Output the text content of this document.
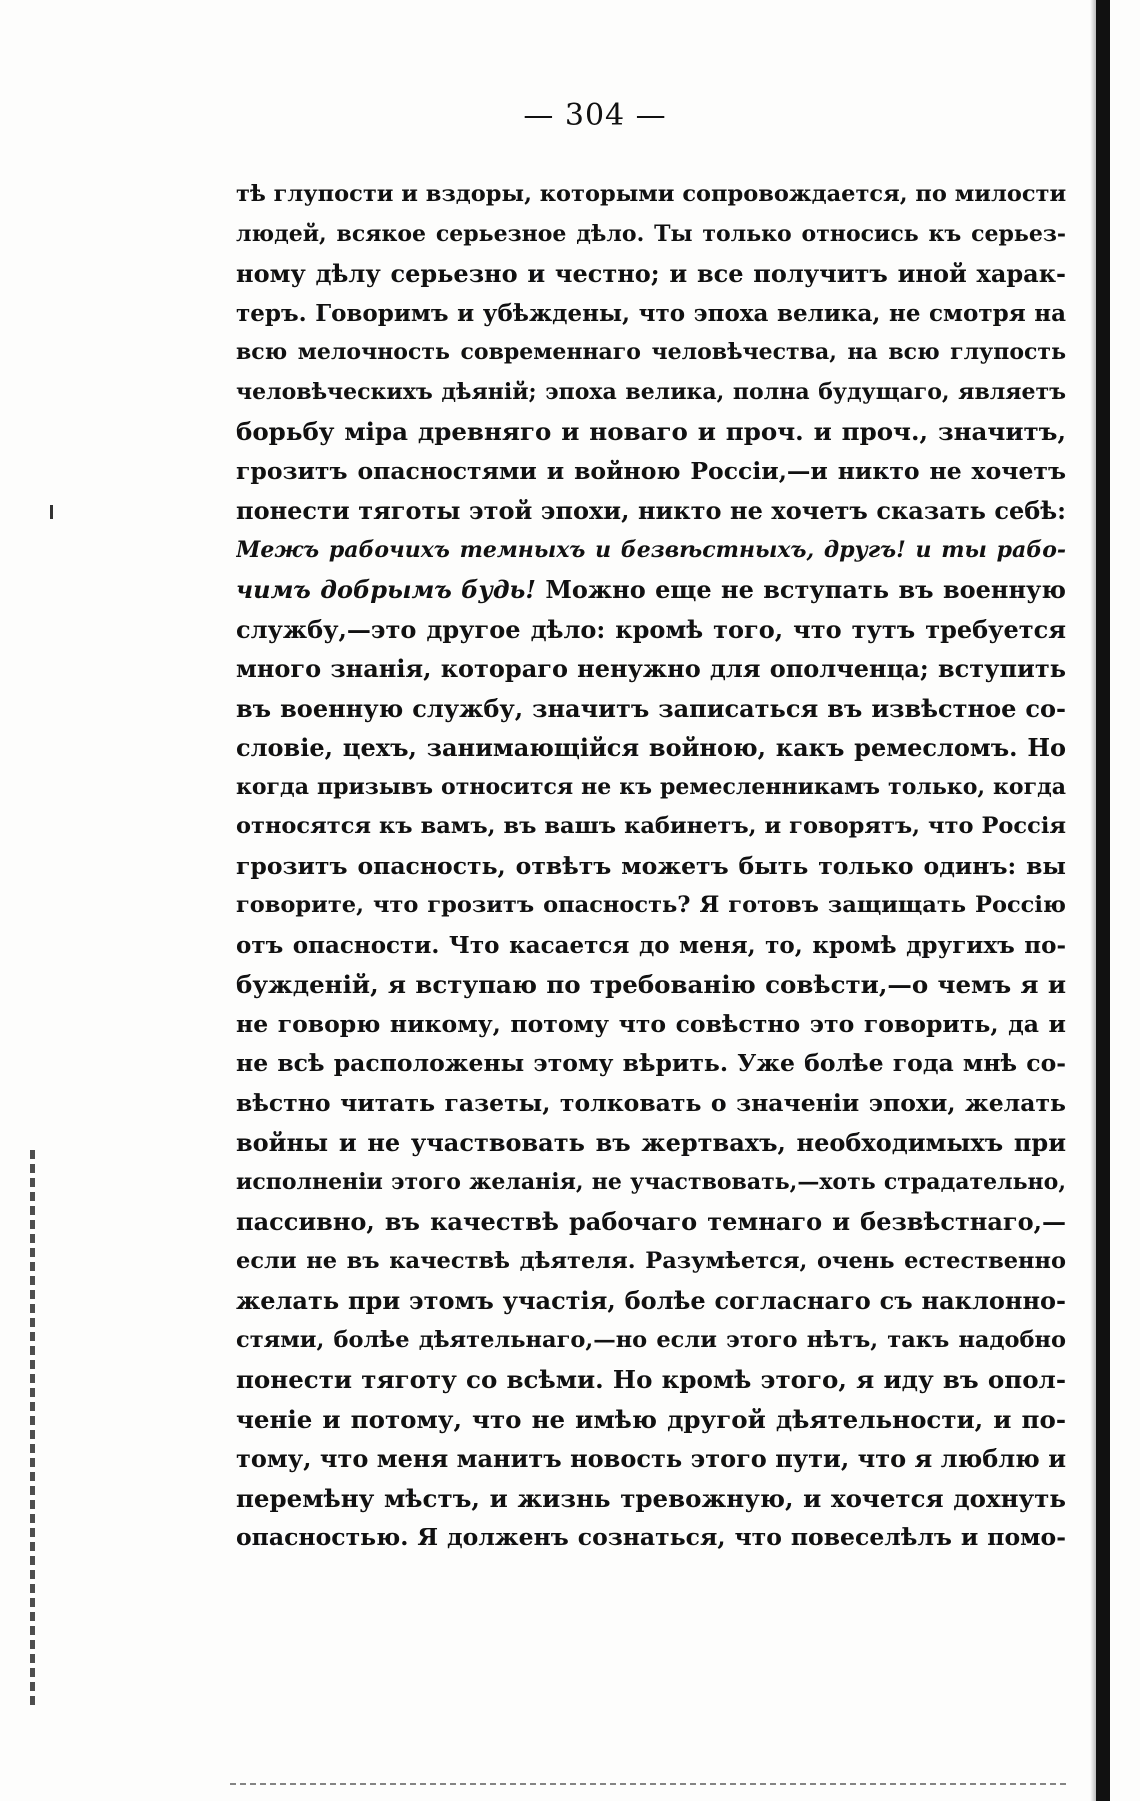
— 304 —
тѣ глупости и вздоры, которыми сопровождается, по милости
людей, всякое серьезное дѣло. Ты только относись къ серьез-
ному дѣлу серьезно и честно; и все получитъ иной харак-
теръ. Говоримъ и убѣждены, что эпоха велика, не смотря на
всю мелочность современнаго человѣчества, на всю глупость
человѣческихъ дѣяній; эпоха велика, полна будущаго, являетъ
борьбу міра древняго и новаго и проч. и проч., значитъ,
грозитъ опасностями и войною Россіи,—и никто не хочетъ
понести тяготы этой эпохи, никто не хочетъ сказать себѣ:
Межъ рабочихъ темныхъ и безвѣстныхъ, другъ! и ты рабо-
чимъ добрымъ будь! Можно еще не вступать въ военную
службу,—это другое дѣло: кромѣ того, что тутъ требуется
много знанія, котораго ненужно для ополченца; вступить
въ военную службу, значитъ записаться въ извѣстное со-
словіе, цехъ, занимающійся войною, какъ ремесломъ. Но
когда призывъ относится не къ ремесленникамъ только, когда
относятся къ вамъ, въ вашъ кабинетъ, и говорятъ, что Россія
грозитъ опасность, отвѣтъ можетъ быть только одинъ: вы
говорите, что грозитъ опасность? Я готовъ защищать Россію
отъ опасности. Что касается до меня, то, кромѣ другихъ по-
бужденій, я вступаю по требованію совѣсти,—о чемъ я и
не говорю никому, потому что совѣстно это говорить, да и
не всѣ расположены этому вѣрить. Уже болѣе года мнѣ со-
вѣстно читать газеты, толковать о значеніи эпохи, желать
войны и не участвовать въ жертвахъ, необходимыхъ при
исполненіи этого желанія, не участвовать,—хоть страдательно,
пассивно, въ качествѣ рабочаго темнаго и безвѣстнаго,—
если не въ качествѣ дѣятеля. Разумѣется, очень естественно
желать при этомъ участія, болѣе согласнаго съ наклонно-
стями, болѣе дѣятельнаго,—но если этого нѣтъ, такъ надобно
понести тяготу со всѣми. Но кромѣ этого, я иду въ опол-
ченіе и потому, что не имѣю другой дѣятельности, и по-
тому, что меня манитъ новость этого пути, что я люблю и
перемѣну мѣстъ, и жизнь тревожную, и хочется дохнуть
опасностью. Я долженъ сознаться, что повеселѣлъ и помо-
